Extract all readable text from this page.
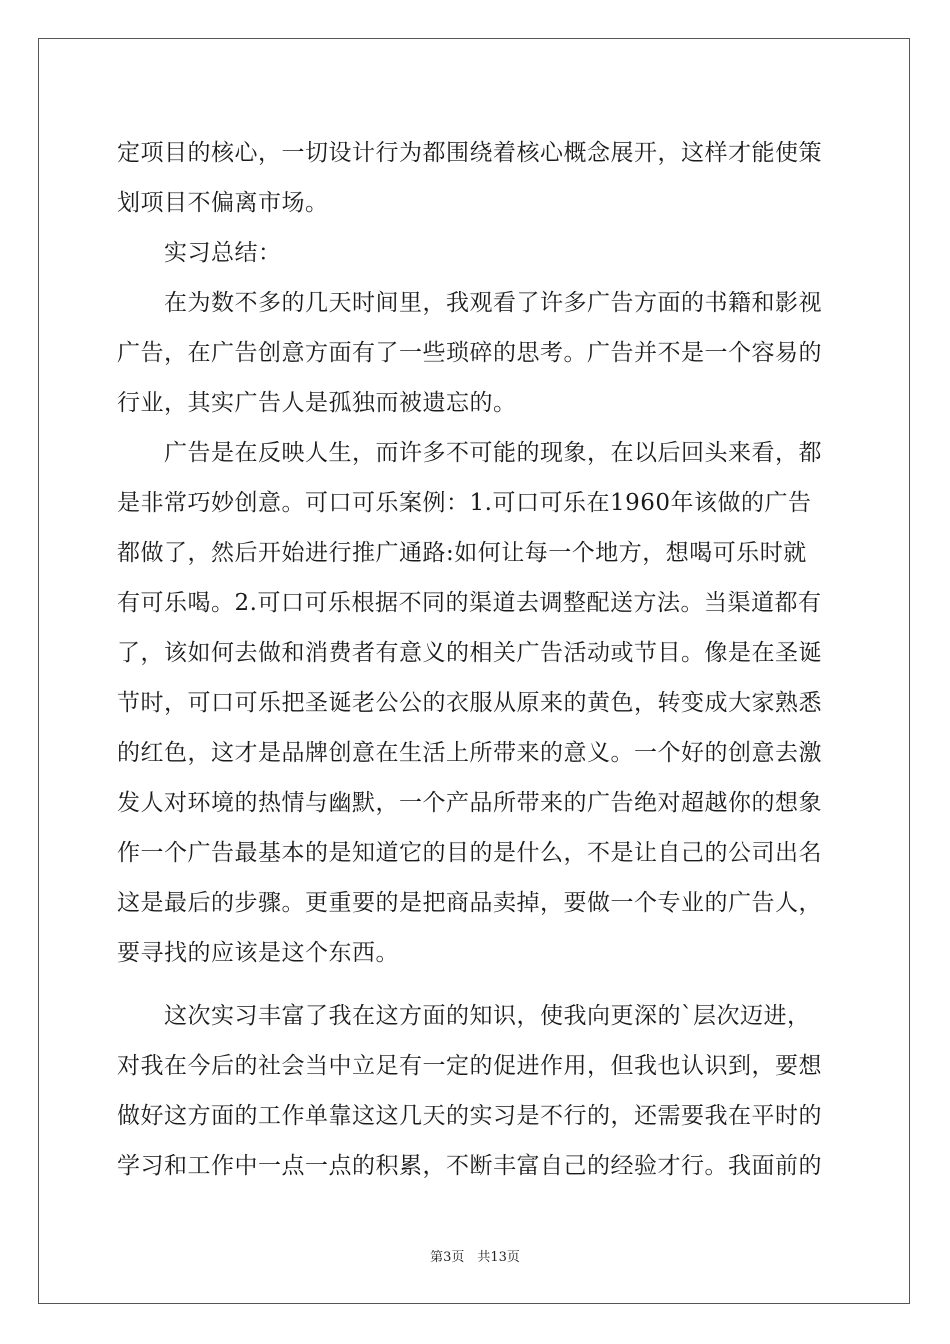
定项目的核心，一切设计行为都围绕着核心概念展开，这样才能使策
划项目不偏离市场。
实习总结：
在为数不多的几天时间里，我观看了许多广告方面的书籍和影视
广告，在广告创意方面有了一些琐碎的思考。广告并不是一个容易的
行业，其实广告人是孤独而被遗忘的。
广告是在反映人生，而许多不可能的现象，在以后回头来看，都
是非常巧妙创意。可口可乐案例：1.可口可乐在1960年该做的广告
都做了，然后开始进行推广通路:如何让每一个地方，想喝可乐时就
有可乐喝。2.可口可乐根据不同的渠道去调整配送方法。当渠道都有
了，该如何去做和消费者有意义的相关广告活动或节目。像是在圣诞
节时，可口可乐把圣诞老公公的衣服从原来的黄色，转变成大家熟悉
的红色，这才是品牌创意在生活上所带来的意义。一个好的创意去激
发人对环境的热情与幽默，一个产品所带来的广告绝对超越你的想象
作一个广告最基本的是知道它的目的是什么，不是让自己的公司出名
这是最后的步骤。更重要的是把商品卖掉，要做一个专业的广告人，
要寻找的应该是这个东西。
这次实习丰富了我在这方面的知识，使我向更深的`层次迈进，
对我在今后的社会当中立足有一定的促进作用，但我也认识到，要想
做好这方面的工作单靠这这几天的实习是不行的，还需要我在平时的
学习和工作中一点一点的积累，不断丰富自己的经验才行。我面前的
第3页　共13页
